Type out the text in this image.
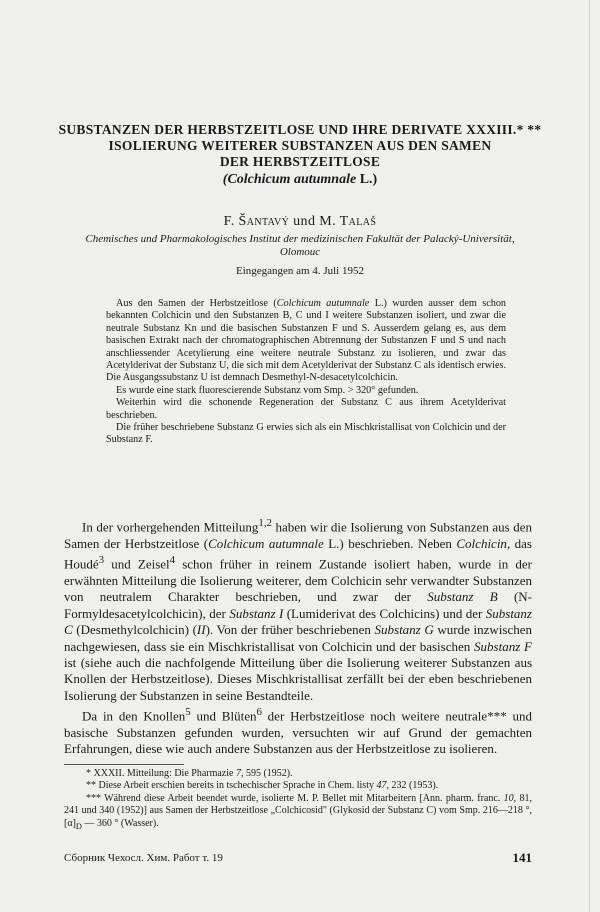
SUBSTANZEN DER HERBSTZEITLOSE UND IHRE DERIVATE XXXIII.* **
ISOLIERUNG WEITERER SUBSTANZEN AUS DEN SAMEN
DER HERBSTZEITLOSE
(Colchicum autumnale L.)
F. Šantavý und M. Talaš
Chemisches und Pharmakologisches Institut der medizinischen Fakultät der Palacký-Universität,
Olomouc
Eingegangen am 4. Juli 1952

Aus den Samen der Herbstzeitlose (Colchicum autumnale L.) wurden ausser dem schon bekannten Colchicin und den Substanzen B, C und I weitere Substanzen isoliert, und zwar die neutrale Substanz Kn und die basischen Substanzen F und S. Ausserdem gelang es, aus dem basischen Extrakt nach der chromatographischen Abtrennung der Substanzen F und S und nach anschliessender Acetylierung eine weitere neutrale Substanz zu isolieren, und zwar das Acetylderivat der Substanz U, die sich mit dem Acetylderivat der Substanz C als identisch erwies. Die Ausgangssubstanz U ist demnach Desmethyl-N-desacetylcolchicin.

Es wurde eine stark fluorescierende Substanz vom Smp. > 320° gefunden.

Weiterhin wird die schonende Regeneration der Substanz C aus ihrem Acetylderivat beschrieben.

Die früher beschriebene Substanz G erwies sich als ein Mischkristallisat von Colchicin und der Substanz F.

In der vorhergehenden Mitteilung$^{1,2}$ haben wir die Isolierung von Substanzen aus den Samen der Herbstzeitlose (Colchicum autumnale L.) beschrieben. Neben Colchicin, das Houdé$^3$ und Zeisel$^4$ schon früher in reinem Zustande isoliert haben, wurde in der erwähnten Mitteilung die Isolierung weiterer, dem Colchicin sehr verwandter Substanzen von neutralem Charakter beschrieben, und zwar der Substanz B (N-Formyldesacetylcolchicin), der Substanz I (Lumiderivat des Colchicins) und der Substanz C (Desmethylcolchicin) (II). Von der früher beschriebenen Substanz G wurde inzwischen nachgewiesen, dass sie ein Mischkristallisat von Colchicin und der basischen Substanz F ist (siehe auch die nachfolgende Mitteilung über die Isolierung weiterer Substanzen aus Knollen der Herbstzeitlose). Dieses Mischkristallisat zerfällt bei der eben beschriebenen Isolierung der Substanzen in seine Bestandteile.

Da in den Knollen$^5$ und Blüten$^6$ der Herbstzeitlose noch weitere neutrale*** und basische Substanzen gefunden wurden, versuchten wir auf Grund der gemachten Erfahrungen, diese wie auch andere Substanzen aus der Herbstzeitlose zu isolieren.

* XXXII. Mitteilung: Die Pharmazie 7, 595 (1952).

** Diese Arbeit erschien bereits in tschechischer Sprache in Chem. listy 47, 232 (1953).

*** Während diese Arbeit beendet wurde, isolierte M. P. Bellet mit Mitarbeitern [Ann. pharm. franc. 10, 81, 241 und 340 (1952)] aus Samen der Herbstzeitlose „Colchicosid" (Glykosid der Substanz C) vom Smp. 216—218 °, $[\alpha]_D$ — 360 ° (Wasser).

Сборник Чехосл. Хим. Работ т. 19	141
